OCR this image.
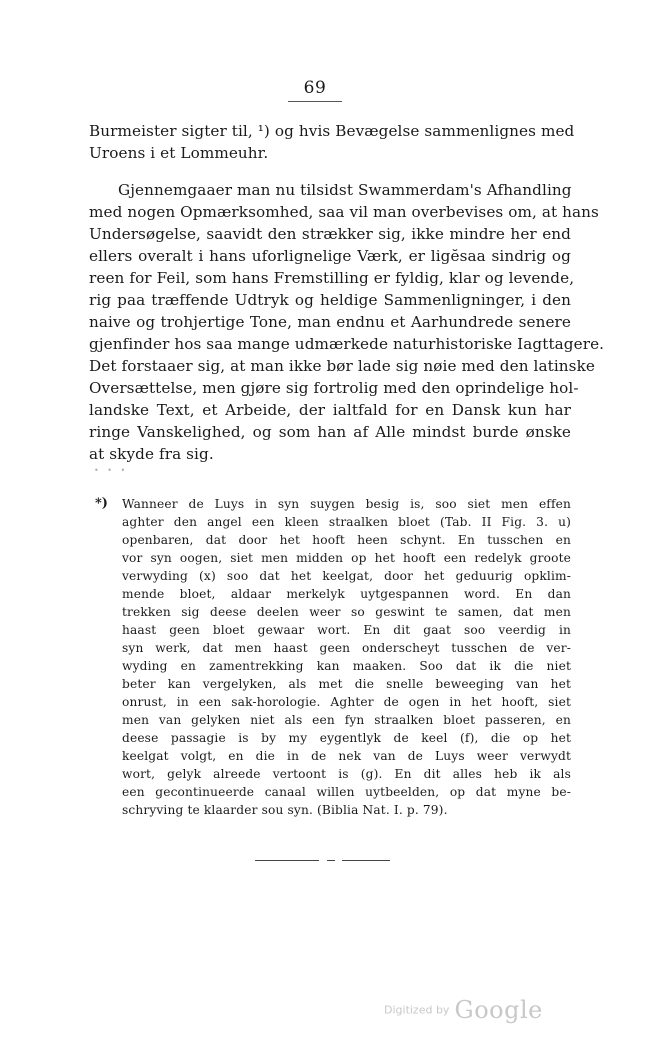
69
Burmeister sigter til, ¹) og hvis Bevægelse sammenlignes med
Uroens i et Lommeuhr.
Gjennemgaaer man nu tilsidst Swammerdam's Afhandling
med nogen Opmærksomhed, saa vil man overbevises om, at hans
Undersøgelse, saavidt den strækker sig, ikke mindre her end
ellers overalt i hans uforlignelige Værk, er ligĕsaa sindrig og
reen for Feil, som hans Fremstilling er fyldig, klar og levende,
rig paa træffende Udtryk og heldige Sammenligninger, i den
naive og trohjertige Tone, man endnu et Aarhundrede senere
gjenfinder hos saa mange udmærkede naturhistoriske Iagttagere.
Det forstaaer sig, at man ikke bør lade sig nøie med den latinske
Oversættelse, men gjøre sig fortrolig med den oprindelige hol-
landske Text, et Arbeide, der ialtfald for en Dansk kun har
ringe Vanskelighed, og som han af Alle mindst burde ønske
at skyde fra sig.
• • •
*) Wanneer de Luys in syn suygen besig is, soo siet men effen
aghter den angel een kleen straalken bloet (Tab. II Fig. 3. u)
openbaren, dat door het hooft heen schynt. En tusschen en
vor syn oogen, siet men midden op het hooft een redelyk groote
verwyding (x) soo dat het keelgat, door het geduurig opklim-
mende bloet, aldaar merkelyk uytgespannen word. En dan
trekken sig deese deelen weer so geswint te samen, dat men
haast geen bloet gewaar wort. En dit gaat soo veerdig in
syn werk, dat men haast geen onderscheyt tusschen de ver-
wyding en zamentrekking kan maaken. Soo dat ik die niet
beter kan vergelyken, als met die snelle beweeging van het
onrust, in een sak-horologie. Aghter de ogen in het hooft, siet
men van gelyken niet als een fyn straalken bloet passeren, en
deese passagie is by my eygentlyk de keel (f), die op het
keelgat volgt, en die in de nek van de Luys weer verwydt
wort, gelyk alreede vertoont is (g). En dit alles heb ik als
een gecontinueerde canaal willen uytbeelden, op dat myne be-
schryving te klaarder sou syn. (Biblia Nat. I. p. 79).
Digitized by Google
